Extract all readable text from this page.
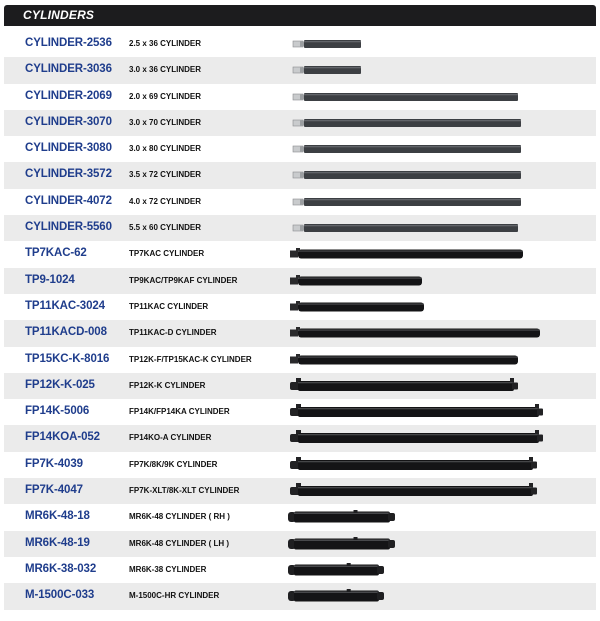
CYLINDERS
CYLINDER-2536 2.5 x 36 CYLINDER
CYLINDER-3036 3.0 x 36 CYLINDER
CYLINDER-2069 2.0 x 69 CYLINDER
CYLINDER-3070 3.0 x 70 CYLINDER
CYLINDER-3080 3.0 x 80 CYLINDER
CYLINDER-3572 3.5 x 72 CYLINDER
CYLINDER-4072 4.0 x 72 CYLINDER
CYLINDER-5560 5.5 x 60 CYLINDER
TP7KAC-62	TP7KAC CYLINDER
TP9-1024	TP9KAC/TP9KAF CYLINDER
TP11KAC-3024	TP11KAC CYLINDER
TP11KACD-008	TP11KAC-D CYLINDER
TP15KC-K-8016 TP12K-F/TP15KAC-K CYLINDER
FP12K-K-025	FP12K-K CYLINDER
FP14K-5006	FP14K/FP14KA CYLINDER
FP14KOA-052	FP14KO-A CYLINDER
FP7K-4039	FP7K/8K/9K CYLINDER
FP7K-4047	FP7K-XLT/8K-XLT CYLINDER
MR6K-48-18	MR6K-48 CYLINDER ( RH )
MR6K-48-19	MR6K-48 CYLINDER ( LH )
MR6K-38-032	MR6K-38 CYLINDER
M-1500C-033	M-1500C-HR CYLINDER
